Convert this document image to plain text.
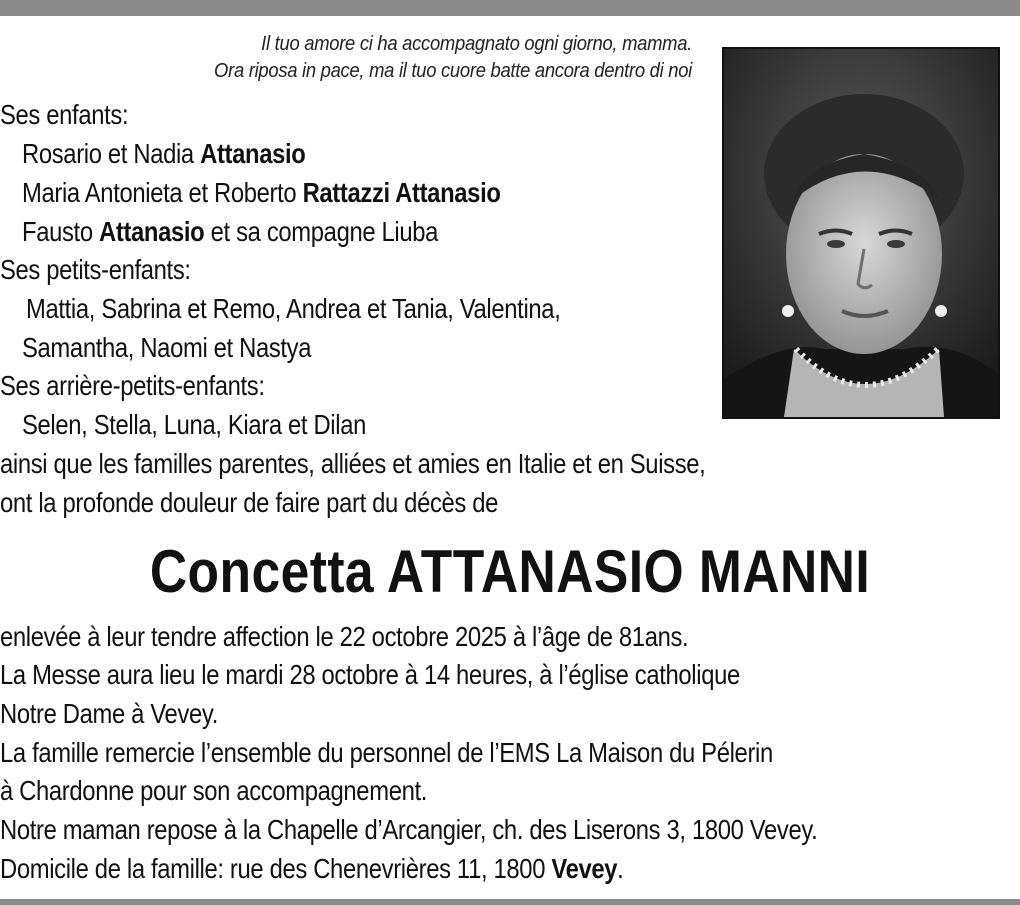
Il tuo amore ci ha accompagnato ogni giorno, mamma.
Ora riposa in pace, ma il tuo cuore batte ancora dentro di noi
Ses enfants:
Rosario et Nadia Attanasio
Maria Antonieta et Roberto Rattazzi Attanasio
Fausto Attanasio et sa compagne Liuba
Ses petits-enfants:
Mattia, Sabrina et Remo, Andrea et Tania, Valentina,
Samantha, Naomi et Nastya
Ses arrière-petits-enfants:
Selen, Stella, Luna, Kiara et Dilan
ainsi que les familles parentes, alliées et amies en Italie et en Suisse,
ont la profonde douleur de faire part du décès de
Concetta ATTANASIO MANNI
enlevée à leur tendre affection le 22 octobre 2025 à l’âge de 81ans.
La Messe aura lieu le mardi 28 octobre à 14 heures, à l’église catholique
Notre Dame à Vevey.
La famille remercie l’ensemble du personnel de l’EMS La Maison du Pélerin
à Chardonne pour son accompagnement.
Notre maman repose à la Chapelle d’Arcangier, ch. des Liserons 3, 1800 Vevey.
Domicile de la famille: rue des Chenevrières 11, 1800 Vevey.
